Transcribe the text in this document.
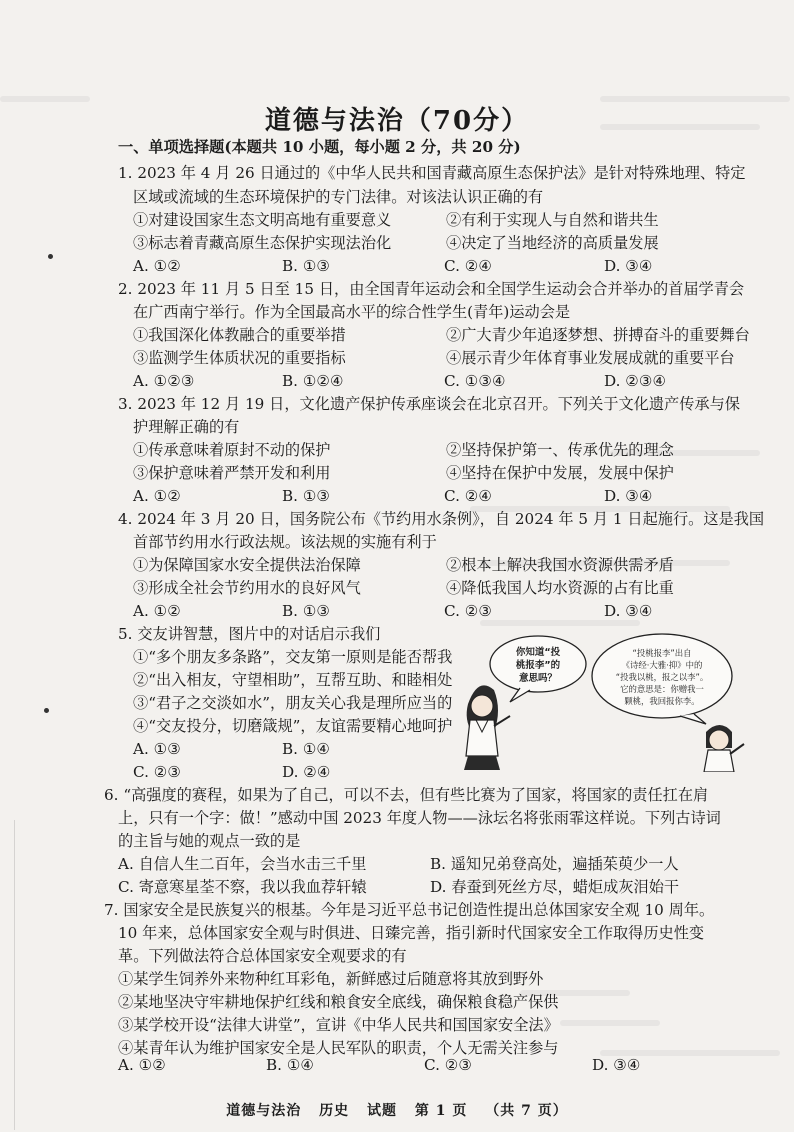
道德与法治（70分）
一、单项选择题(本题共 10 小题，每小题 2 分，共 20 分)
1. 2023 年 4 月 26 日通过的《中华人民共和国青藏高原生态保护法》是针对特殊地理、特定
区域或流域的生态环境保护的专门法律。对该法认识正确的有
①对建设国家生态文明高地有重要意义	②有利于实现人与自然和谐共生
③标志着青藏高原生态保护实现法治化	④决定了当地经济的高质量发展
A. ①②	B. ①③	C. ②④	D. ③④
2. 2023 年 11 月 5 日至 15 日，由全国青年运动会和全国学生运动会合并举办的首届学青会
在广西南宁举行。作为全国最高水平的综合性学生(青年)运动会是
①我国深化体教融合的重要举措	②广大青少年追逐梦想、拼搏奋斗的重要舞台
③监测学生体质状况的重要指标	④展示青少年体育事业发展成就的重要平台
A. ①②③	B. ①②④	C. ①③④	D. ②③④
3. 2023 年 12 月 19 日，文化遗产保护传承座谈会在北京召开。下列关于文化遗产传承与保
护理解正确的有
①传承意味着原封不动的保护	②坚持保护第一、传承优先的理念
③保护意味着严禁开发和利用	④坚持在保护中发展，发展中保护
A. ①②	B. ①③	C. ②④	D. ③④
4. 2024 年 3 月 20 日，国务院公布《节约用水条例》，自 2024 年 5 月 1 日起施行。这是我国
首部节约用水行政法规。该法规的实施有利于
①为保障国家水安全提供法治保障	②根本上解决我国水资源供需矛盾
③形成全社会节约用水的良好风气	④降低我国人均水资源的占有比重
A. ①②	B. ①③	C. ②③	D. ③④
5. 交友讲智慧，图片中的对话启示我们
①“多个朋友多条路”，交友第一原则是能否帮我
②“出入相友，守望相助”，互帮互助、和睦相处
③“君子之交淡如水”，朋友关心我是理所应当的
④“交友投分，切磨箴规”，友谊需要精心地呵护
A. ①③	B. ①④
C. ②③	D. ②④
你知道“投
桃报李”的
意思吗？
“投桃报李”出自
《诗经·大雅·抑》中的
“投我以桃，报之以李”。
它的意思是：你赠我一
颗桃，我回报你李。
6. “高强度的赛程，如果为了自己，可以不去，但有些比赛为了国家，将国家的责任扛在肩
上，只有一个字：做！”感动中国 2023 年度人物——泳坛名将张雨霏这样说。下列古诗词
的主旨与她的观点一致的是
A. 自信人生二百年，会当水击三千里	B. 遥知兄弟登高处，遍插茱萸少一人
C. 寄意寒星荃不察，我以我血荐轩辕	D. 春蚕到死丝方尽，蜡炬成灰泪始干
7. 国家安全是民族复兴的根基。今年是习近平总书记创造性提出总体国家安全观 10 周年。
10 年来，总体国家安全观与时俱进、日臻完善，指引新时代国家安全工作取得历史性变
革。下列做法符合总体国家安全观要求的有
①某学生饲养外来物种红耳彩龟，新鲜感过后随意将其放到野外
②某地坚决守牢耕地保护红线和粮食安全底线，确保粮食稳产保供
③某学校开设“法律大讲堂”，宣讲《中华人民共和国国家安全法》
④某青年认为维护国家安全是人民军队的职责，个人无需关注参与
A. ①②	B. ①④	C. ②③	D. ③④
道德与法治 历史 试题 第 1 页 （共 7 页）
